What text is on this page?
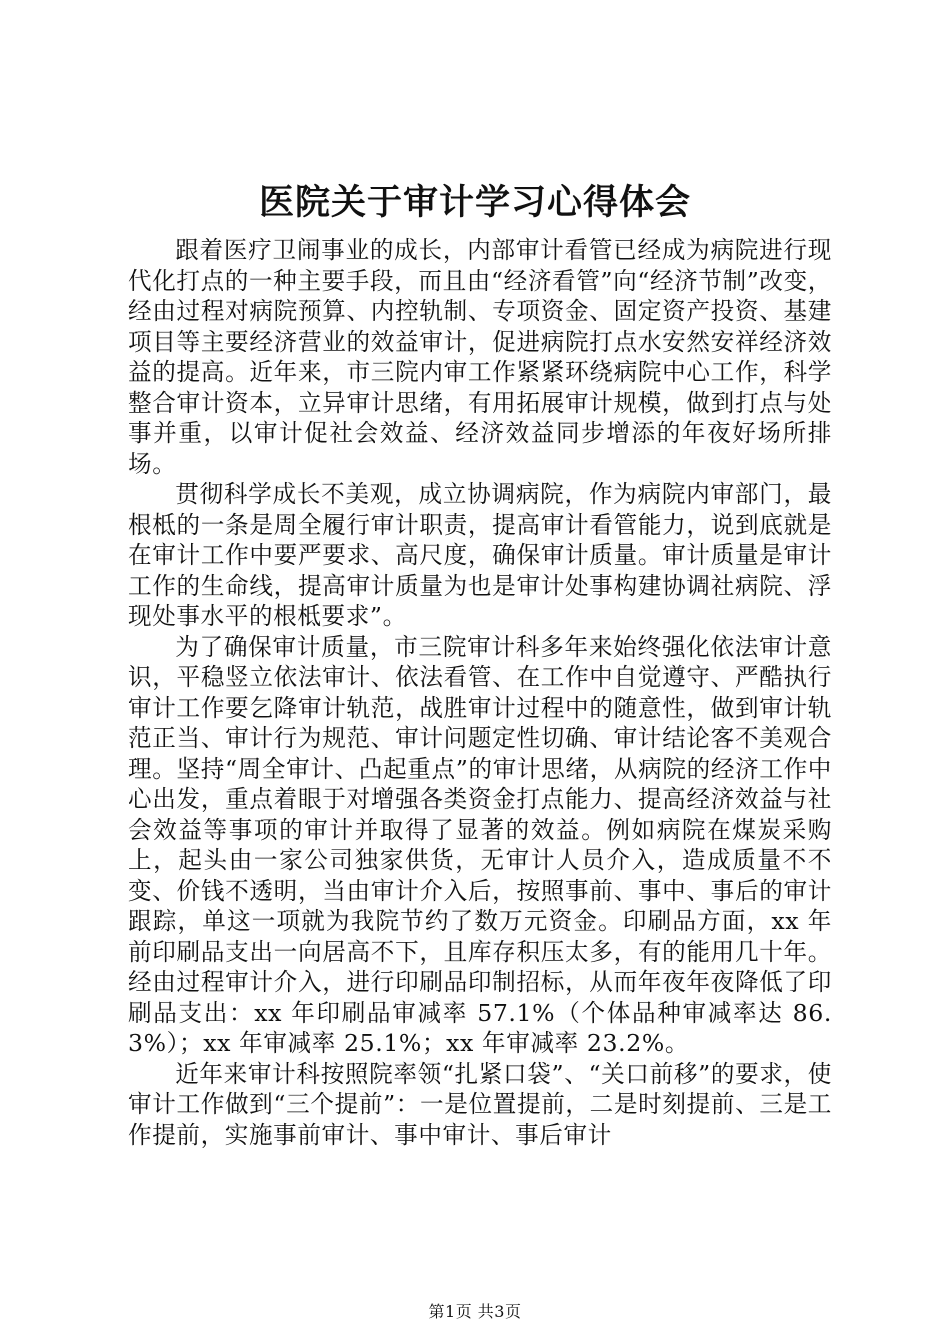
医院关于审计学习心得体会

跟着医疗卫闹事业的成长，内部审计看管已经成为病院进行现代化打点的一种主要手段，而且由“经济看管”向“经济节制”改变，经由过程对病院预算、内控轨制、专项资金、固定资产投资、基建项目等主要经济营业的效益审计，促进病院打点水安然安祥经济效益的提高。近年来，市三院内审工作紧紧环绕病院中心工作，科学整合审计资本，立异审计思绪，有用拓展审计规模，做到打点与处事并重，以审计促社会效益、经济效益同步增添的年夜好场所排场。

贯彻科学成长不美观，成立协调病院，作为病院内审部门，最根柢的一条是周全履行审计职责，提高审计看管能力，说到底就是在审计工作中要严要求、高尺度，确保审计质量。审计质量是审计工作的生命线，提高审计质量为也是审计处事构建协调社病院、浮现处事水平的根柢要求”。

为了确保审计质量，市三院审计科多年来始终强化依法审计意识，平稳竖立依法审计、依法看管、在工作中自觉遵守、严酷执行审计工作要乞降审计轨范，战胜审计过程中的随意性，做到审计轨范正当、审计行为规范、审计问题定性切确、审计结论客不美观合理。坚持“周全审计、凸起重点”的审计思绪，从病院的经济工作中心出发，重点着眼于对增强各类资金打点能力、提高经济效益与社会效益等事项的审计并取得了显著的效益。例如病院在煤炭采购上，起头由一家公司独家供货，无审计人员介入，造成质量不不变、价钱不透明，当由审计介入后，按照事前、事中、事后的审计跟踪，单这一项就为我院节约了数万元资金。印刷品方面，xx 年前印刷品支出一向居高不下，且库存积压太多，有的能用几十年。经由过程审计介入，进行印刷品印制招标，从而年夜年夜降低了印刷品支出：xx 年印刷品审减率 57.1%（个体品种审减率达 86.3%）；xx 年审减率 25.1%；xx 年审减率 23.2%。

近年来审计科按照院率领“扎紧口袋”、“关口前移”的要求，使审计工作做到“三个提前”：一是位置提前，二是时刻提前、三是工作提前，实施事前审计、事中审计、事后审计

第1页 共3页
